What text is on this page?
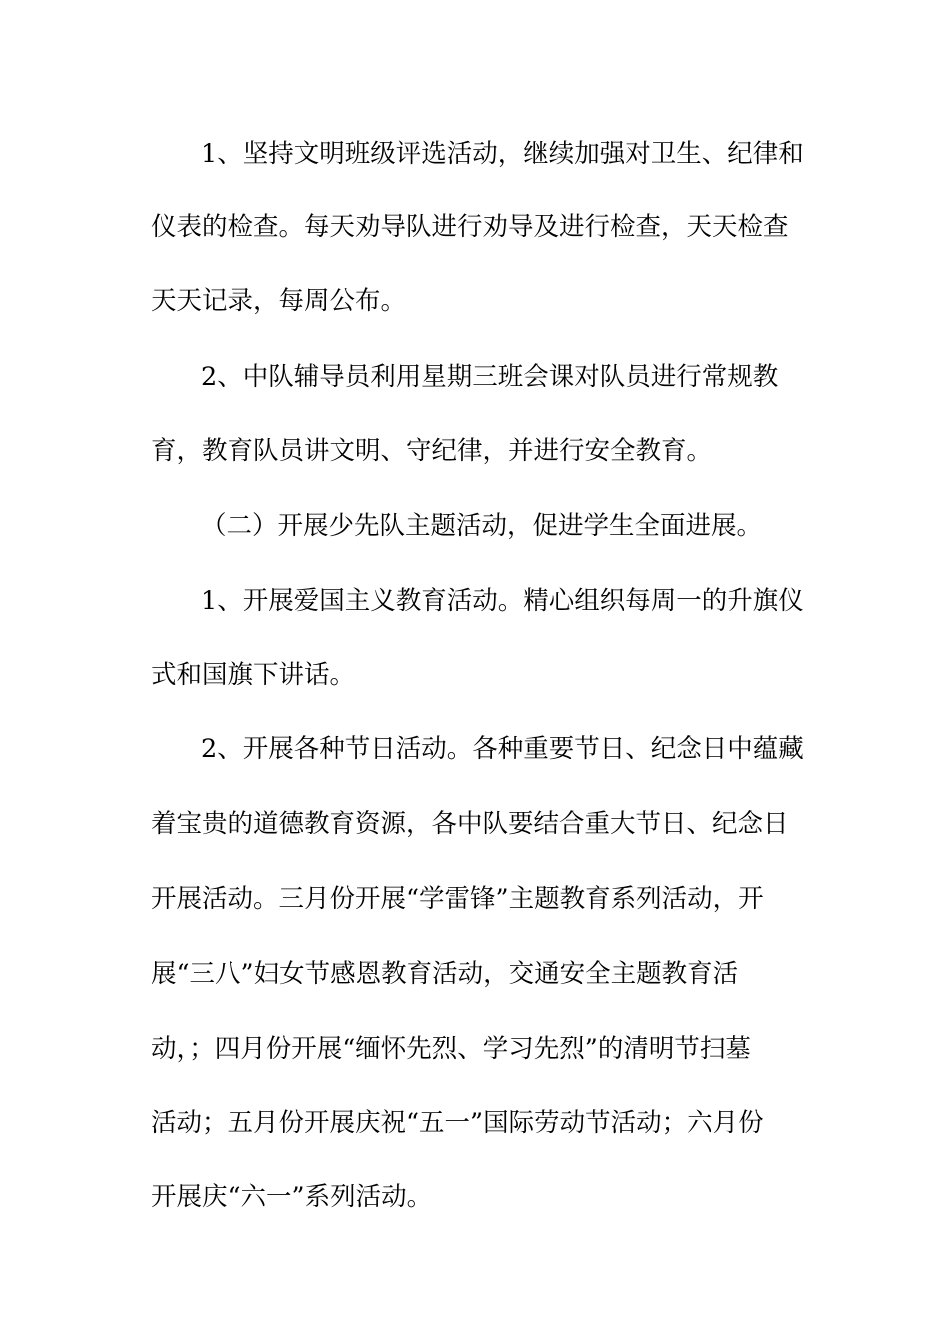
1、坚持文明班级评选活动，继续加强对卫生、纪律和
仪表的检查。每天劝导队进行劝导及进行检查，天天检查
天天记录，每周公布。
2、中队辅导员利用星期三班会课对队员进行常规教
育，教育队员讲文明、守纪律，并进行安全教育。
（二）开展少先队主题活动，促进学生全面进展。
1、开展爱国主义教育活动。精心组织每周一的升旗仪
式和国旗下讲话。
2、开展各种节日活动。各种重要节日、纪念日中蕴藏
着宝贵的道德教育资源，各中队要结合重大节日、纪念日
开展活动。三月份开展“学雷锋”主题教育系列活动，开
展“三八”妇女节感恩教育活动，交通安全主题教育活
动，；四月份开展“缅怀先烈、学习先烈”的清明节扫墓
活动；五月份开展庆祝“五一”国际劳动节活动；六月份
开展庆“六一”系列活动。
